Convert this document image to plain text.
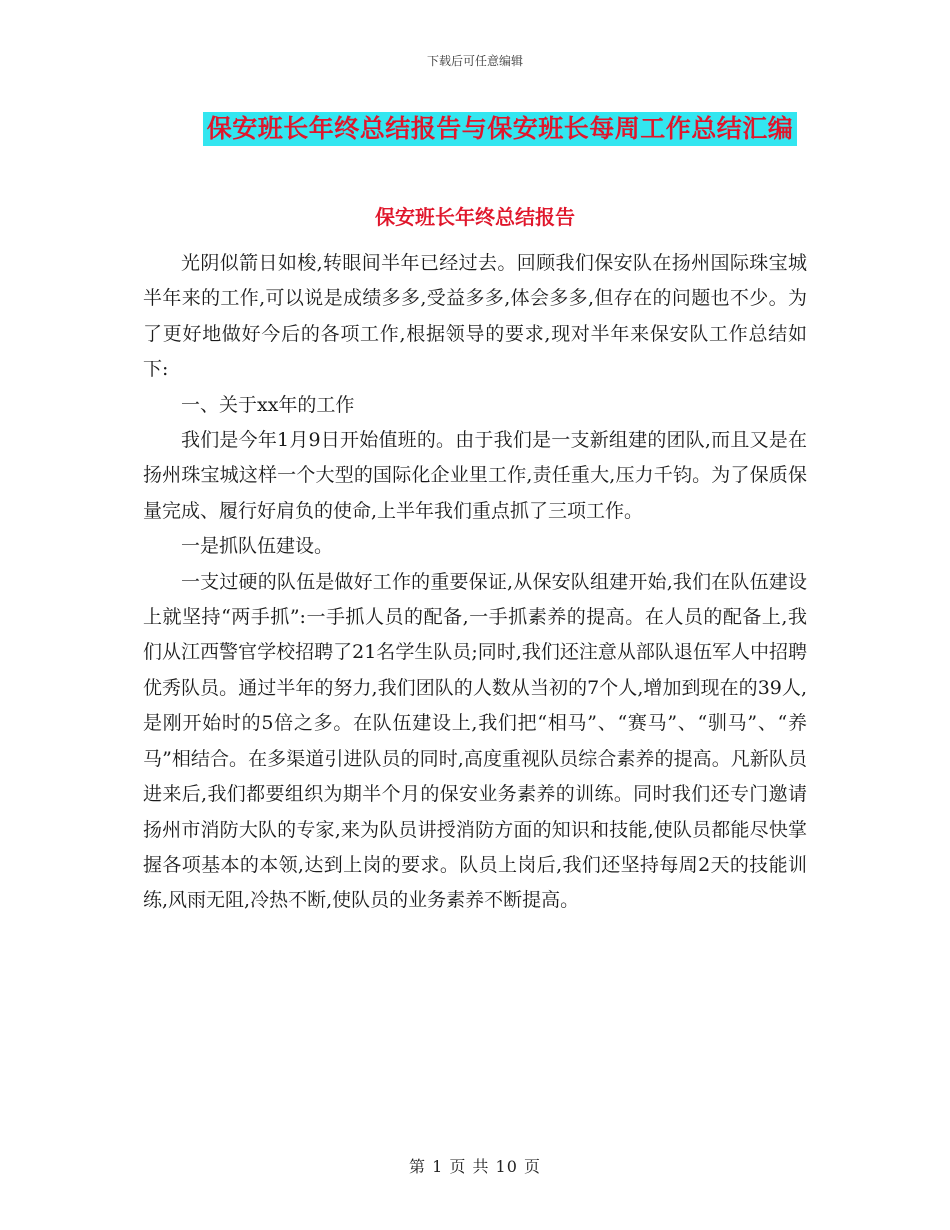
下载后可任意编辑
保安班长年终总结报告与保安班长每周工作总结汇编
保安班长年终总结报告

光阴似箭日如梭,转眼间半年已经过去。回顾我们保安队在扬州国际珠宝城半年来的工作,可以说是成绩多多,受益多多,体会多多,但存在的问题也不少。为了更好地做好今后的各项工作,根据领导的要求,现对半年来保安队工作总结如下:

一、关于xx年的工作

我们是今年1月9日开始值班的。由于我们是一支新组建的团队,而且又是在扬州珠宝城这样一个大型的国际化企业里工作,责任重大,压力千钧。为了保质保量完成、履行好肩负的使命,上半年我们重点抓了三项工作。

一是抓队伍建设。

一支过硬的队伍是做好工作的重要保证,从保安队组建开始,我们在队伍建设上就坚持“两手抓”:一手抓人员的配备,一手抓素养的提高。在人员的配备上,我们从江西警官学校招聘了21名学生队员;同时,我们还注意从部队退伍军人中招聘优秀队员。通过半年的努力,我们团队的人数从当初的7个人,增加到现在的39人,是刚开始时的5倍之多。在队伍建设上,我们把“相马”、“赛马”、“驯马”、“养马”相结合。在多渠道引进队员的同时,高度重视队员综合素养的提高。凡新队员进来后,我们都要组织为期半个月的保安业务素养的训练。同时我们还专门邀请扬州市消防大队的专家,来为队员讲授消防方面的知识和技能,使队员都能尽快掌握各项基本的本领,达到上岗的要求。队员上岗后,我们还坚持每周2天的技能训练,风雨无阻,冷热不断,使队员的业务素养不断提高。

第 1 页 共 10 页
